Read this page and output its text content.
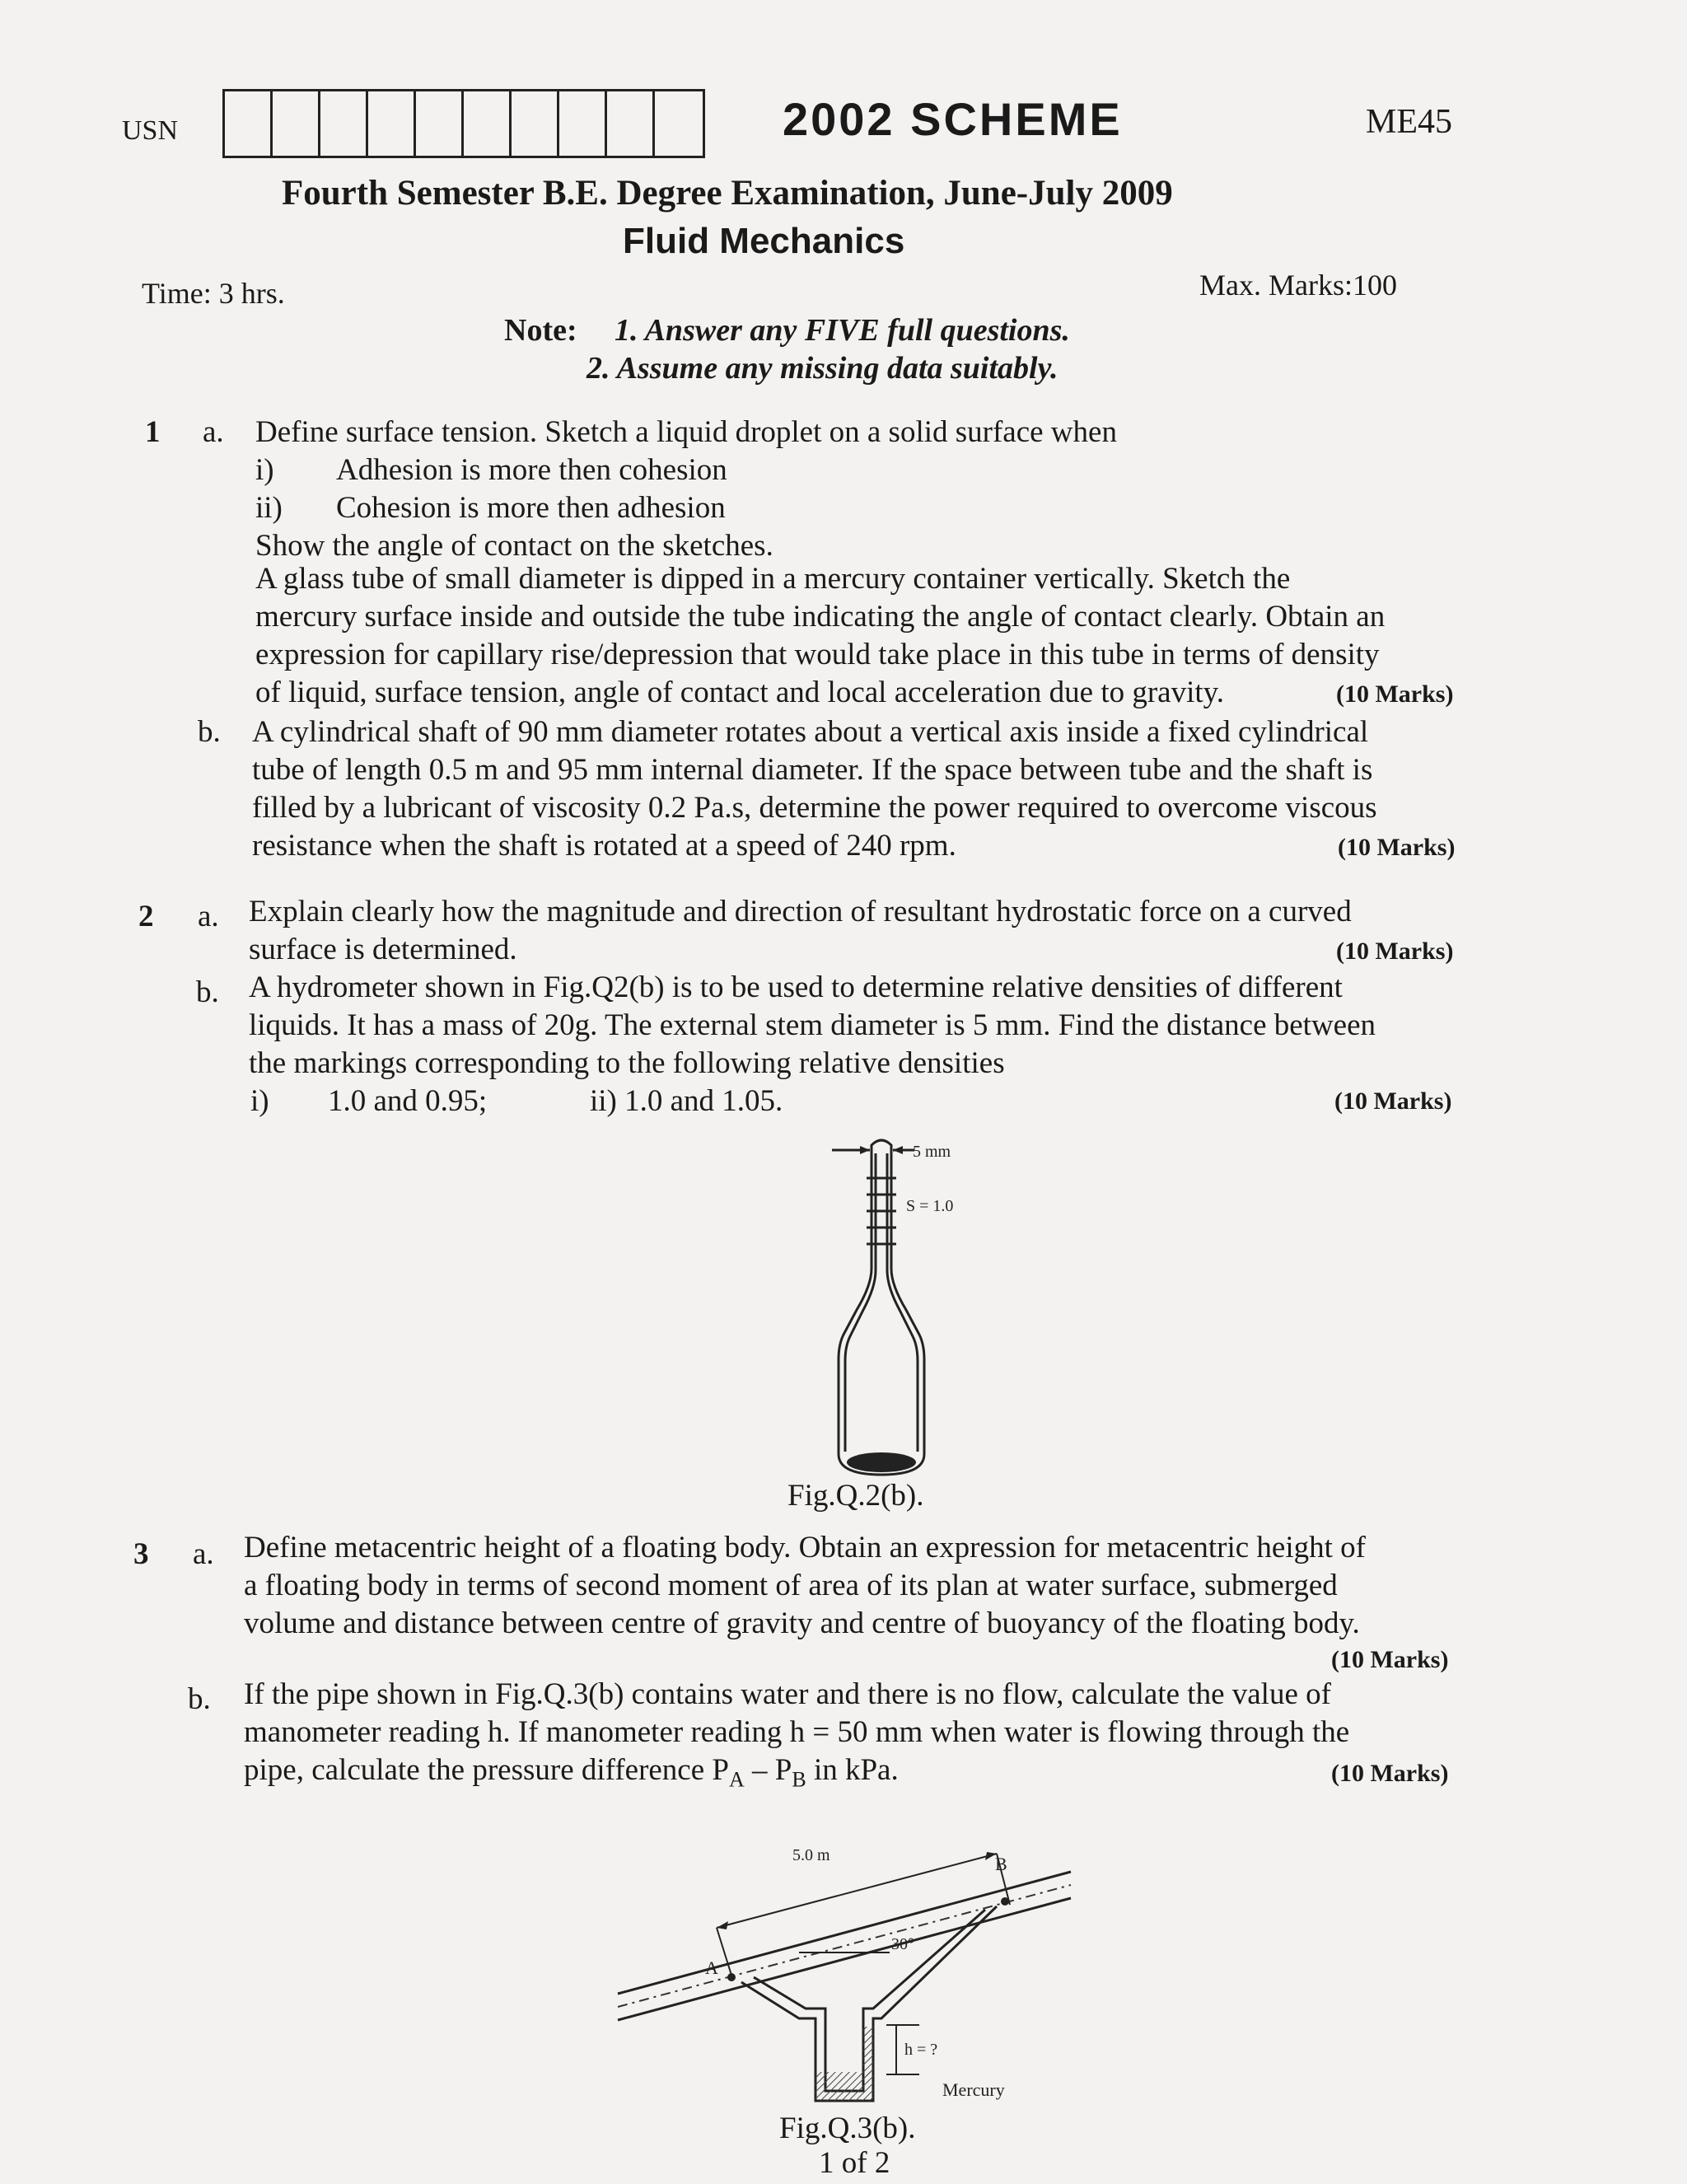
USN	2002 SCHEME	ME45
Fourth Semester B.E. Degree Examination, June-July 2009
Fluid Mechanics
Time: 3 hrs.	Max. Marks:100
Note: 1. Answer any FIVE full questions.
2. Assume any missing data suitably.
1 a. Define surface tension. Sketch a liquid droplet on a solid surface when
i) Adhesion is more then cohesion
ii) Cohesion is more then adhesion
Show the angle of contact on the sketches.
A glass tube of small diameter is dipped in a mercury container vertically. Sketch the
mercury surface inside and outside the tube indicating the angle of contact clearly. Obtain an
expression for capillary rise/depression that would take place in this tube in terms of density
of liquid, surface tension, angle of contact and local acceleration due to gravity.	(10 Marks)
b. A cylindrical shaft of 90 mm diameter rotates about a vertical axis inside a fixed cylindrical
tube of length 0.5 m and 95 mm internal diameter. If the space between tube and the shaft is
filled by a lubricant of viscosity 0.2 Pa.s, determine the power required to overcome viscous
resistance when the shaft is rotated at a speed of 240 rpm.	(10 Marks)
2 a. Explain clearly how the magnitude and direction of resultant hydrostatic force on a curved
surface is determined.	(10 Marks)
b. A hydrometer shown in Fig.Q2(b) is to be used to determine relative densities of different
liquids. It has a mass of 20g. The external stem diameter is 5 mm. Find the distance between
the markings corresponding to the following relative densities
i) 1.0 and 0.95;	ii) 1.0 and 1.05.	(10 Marks)
5 mm
S = 1.0
Fig.Q.2(b).
3 a. Define metacentric height of a floating body. Obtain an expression for metacentric height of
a floating body in terms of second moment of area of its plan at water surface, submerged
volume and distance between centre of gravity and centre of buoyancy of the floating body.
(10 Marks)
b. If the pipe shown in Fig.Q.3(b) contains water and there is no flow, calculate the value of
manometer reading h. If manometer reading h = 50 mm when water is flowing through the
pipe, calculate the pressure difference $P_A - P_B$ in kPa.	(10 Marks)
5.0 m
A
B
30°
h = ?
Mercury
Fig.Q.3(b).
1 of 2
